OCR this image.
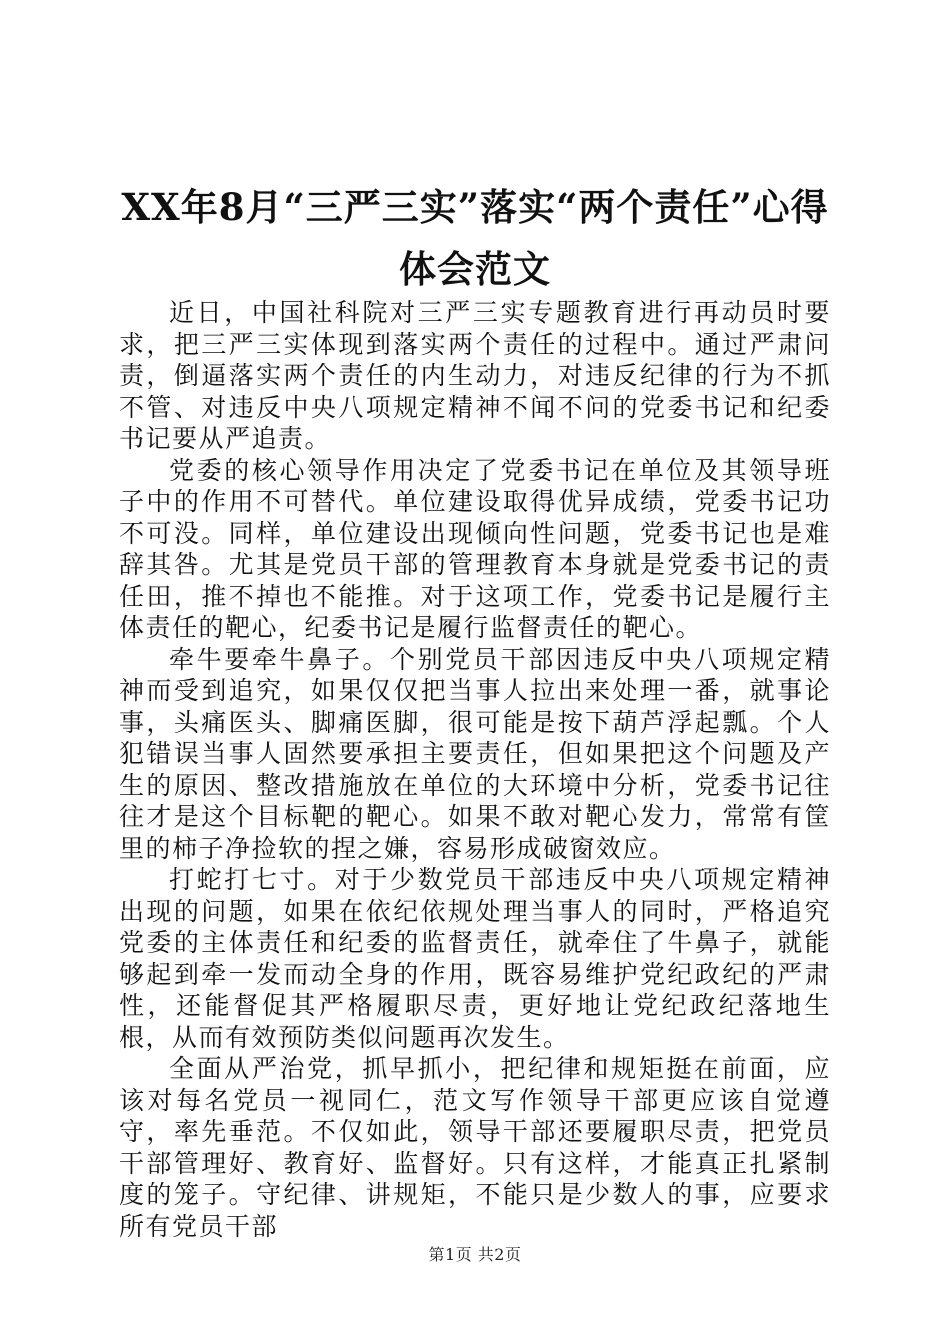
XX年8月“三严三实”落实“两个责任”心得
体会范文

近日，中国社科院对三严三实专题教育进行再动员时要求，把三严三实体现到落实两个责任的过程中。通过严肃问责，倒逼落实两个责任的内生动力，对违反纪律的行为不抓不管、对违反中央八项规定精神不闻不问的党委书记和纪委书记要从严追责。

党委的核心领导作用决定了党委书记在单位及其领导班子中的作用不可替代。单位建设取得优异成绩，党委书记功不可没。同样，单位建设出现倾向性问题，党委书记也是难辞其咎。尤其是党员干部的管理教育本身就是党委书记的责任田，推不掉也不能推。对于这项工作，党委书记是履行主体责任的靶心，纪委书记是履行监督责任的靶心。

牵牛要牵牛鼻子。个别党员干部因违反中央八项规定精神而受到追究，如果仅仅把当事人拉出来处理一番，就事论事，头痛医头、脚痛医脚，很可能是按下葫芦浮起瓢。个人犯错误当事人固然要承担主要责任，但如果把这个问题及产生的原因、整改措施放在单位的大环境中分析，党委书记往往才是这个目标靶的靶心。如果不敢对靶心发力，常常有筐里的柿子净捡软的捏之嫌，容易形成破窗效应。

打蛇打七寸。对于少数党员干部违反中央八项规定精神出现的问题，如果在依纪依规处理当事人的同时，严格追究党委的主体责任和纪委的监督责任，就牵住了牛鼻子，就能够起到牵一发而动全身的作用，既容易维护党纪政纪的严肃性，还能督促其严格履职尽责，更好地让党纪政纪落地生根，从而有效预防类似问题再次发生。

全面从严治党，抓早抓小，把纪律和规矩挺在前面，应该对每名党员一视同仁，范文写作领导干部更应该自觉遵守，率先垂范。不仅如此，领导干部还要履职尽责，把党员干部管理好、教育好、监督好。只有这样，才能真正扎紧制度的笼子。守纪律、讲规矩，不能只是少数人的事，应要求所有党员干部

第1页 共2页
